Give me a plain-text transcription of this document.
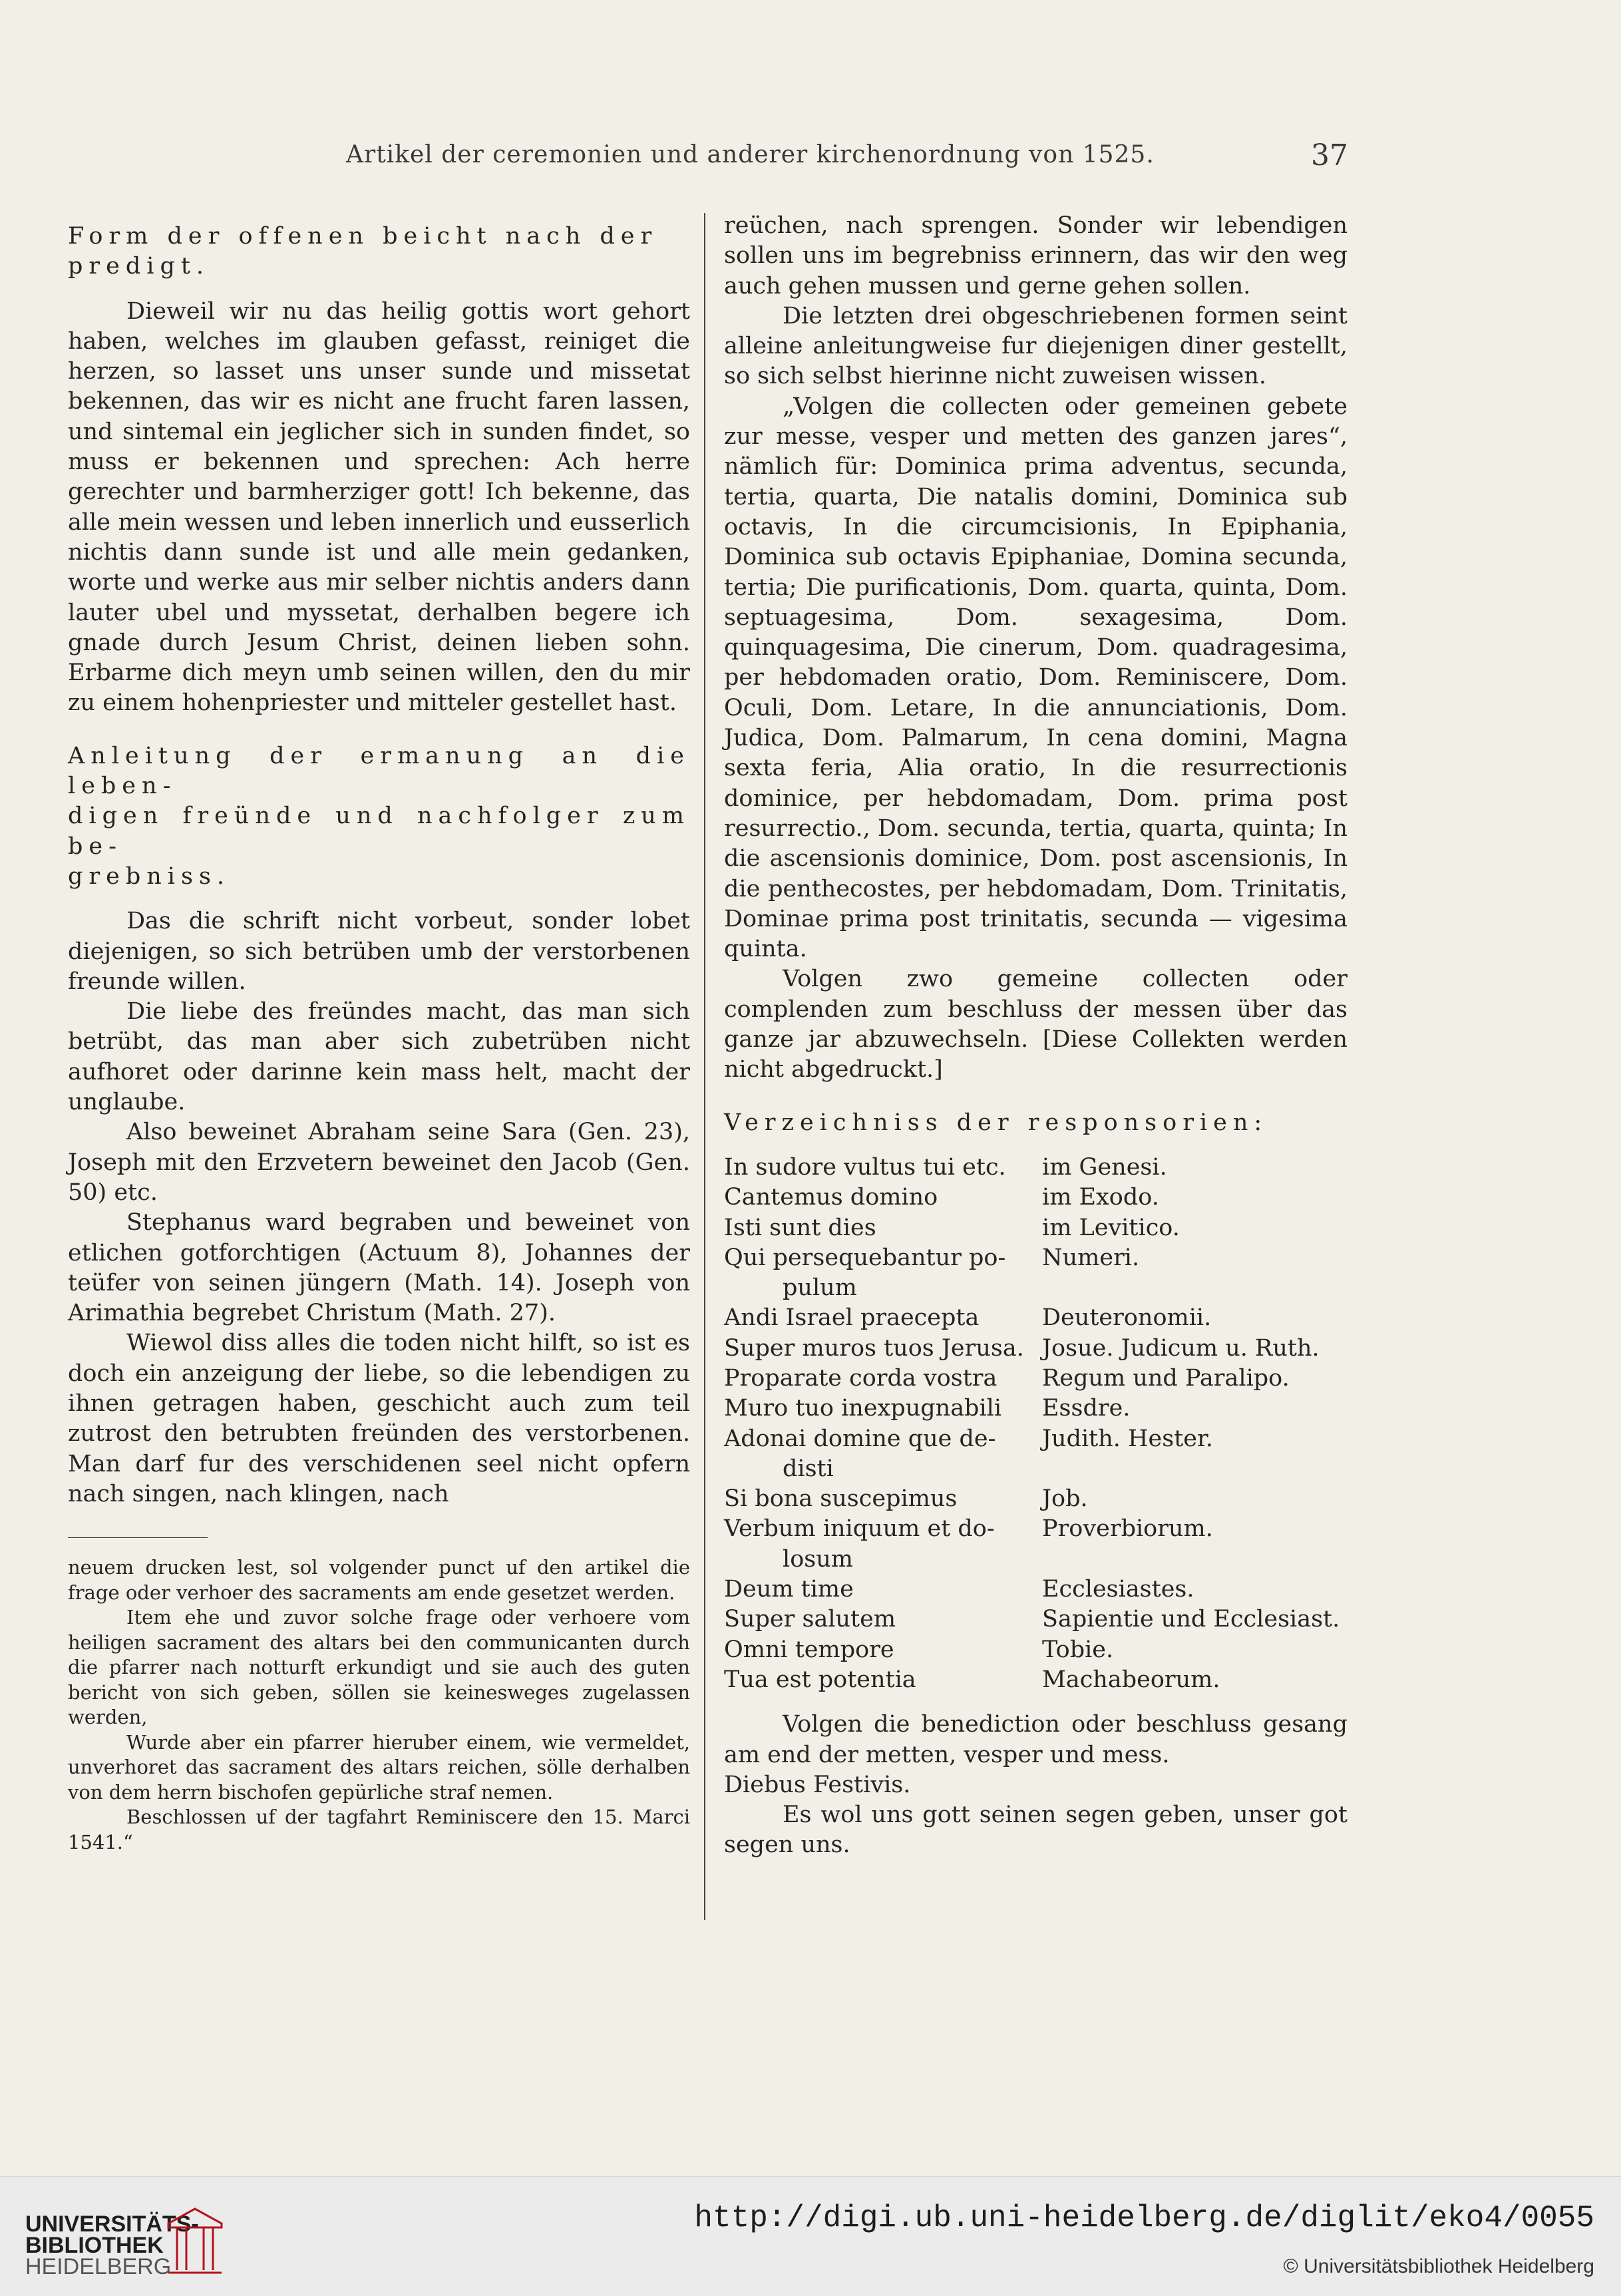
Artikel der ceremonien und anderer kirchenordnung von 1525.	37

Form der offenen beicht nach der

predigt.

Dieweil wir nu das heilig gottis wort gehort haben, welches im glauben gefasst, reiniget die herzen, so lasset uns unser sunde und missetat bekennen, das wir es nicht ane frucht faren lassen, und sintemal ein jeglicher sich in sunden findet, so muss er bekennen und sprechen: Ach herre gerechter und barmherziger gott! Ich bekenne, das alle mein wessen und leben innerlich und eusserlich nichtis dann sunde ist und alle mein gedanken, worte und werke aus mir selber nichtis anders dann lauter ubel und myssetat, derhalben begere ich gnade durch Jesum Christ, deinen lieben sohn. Erbarme dich meyn umb seinen willen, den du mir zu einem hohenpriester und mitteler gestellet hast.

Anleitung der ermanung an die leben-

digen freünde und nachfolger zum be-

grebniss.

Das die schrift nicht vorbeut, sonder lobet diejenigen, so sich betrüben umb der verstorbenen freunde willen.

Die liebe des freündes macht, das man sich betrübt, das man aber sich zubetrüben nicht aufhoret oder darinne kein mass helt, macht der unglaube.

Also beweinet Abraham seine Sara (Gen. 23), Joseph mit den Erzvetern beweinet den Jacob (Gen. 50) etc.

Stephanus ward begraben und beweinet von etlichen gotforchtigen (Actuum 8), Johannes der teüfer von seinen jüngern (Math. 14). Joseph von Arimathia begrebet Christum (Math. 27).

Wiewol diss alles die toden nicht hilft, so ist es doch ein anzeigung der liebe, so die lebendigen zu ihnen getragen haben, geschicht auch zum teil zutrost den betrubten freünden des verstorbenen. Man darf fur des verschidenen seel nicht opfern nach singen, nach klingen, nach

neuem drucken lest, sol volgender punct uf den artikel die frage oder verhoer des sacraments am ende gesetzet werden.

Item ehe und zuvor solche frage oder verhoere vom heiligen sacrament des altars bei den communicanten durch die pfarrer nach notturft erkundigt und sie auch des guten bericht von sich geben, söllen sie keinesweges zugelassen werden,

Wurde aber ein pfarrer hieruber einem, wie vermeldet, unverhoret das sacrament des altars reichen, sölle derhalben von dem herrn bischofen gepürliche straf nemen.

Beschlossen uf der tagfahrt Reminiscere den 15. Marci 1541.“

reüchen, nach sprengen. Sonder wir lebendigen sollen uns im begrebniss erinnern, das wir den weg auch gehen mussen und gerne gehen sollen.

Die letzten drei obgeschriebenen formen seint alleine anleitungweise fur diejenigen diner gestellt, so sich selbst hierinne nicht zuweisen wissen.

„Volgen die collecten oder gemeinen gebete zur messe, vesper und metten des ganzen jares“, nämlich für: Dominica prima adventus, secunda, tertia, quarta, Die natalis domini, Dominica sub octavis, In die circumcisionis, In Epiphania, Dominica sub octavis Epiphaniae, Domina secunda, tertia; Die purificationis, Dom. quarta, quinta, Dom. septuagesima, Dom. sexagesima, Dom. quinquagesima, Die cinerum, Dom. quadragesima, per hebdomaden oratio, Dom. Reminiscere, Dom. Oculi, Dom. Letare, In die annunciationis, Dom. Judica, Dom. Palmarum, In cena domini, Magna sexta feria, Alia oratio, In die resurrectionis dominice, per hebdomadam, Dom. prima post resurrectio., Dom. secunda, tertia, quarta, quinta; In die ascensionis dominice, Dom. post ascensionis, In die penthecostes, per hebdomadam, Dom. Trinitatis, Dominae prima post trinitatis, secunda — vigesima quinta.

Volgen zwo gemeine collecten oder complenden zum beschluss der messen über das ganze jar abzuwechseln. [Diese Collekten werden nicht abgedruckt.]

Verzeichniss der responsorien:

In sudore vultus tui etc.	im Genesi.

Cantemus domino	im Exodo.

Isti sunt dies	im Levitico.

Qui persequebantur po-
pulum	Numeri.

Andi Israel praecepta	Deuteronomii.

Super muros tuos Jerusa.	Josue. Judicum u. Ruth.

Proparate corda vostra	Regum und Paralipo.

Muro tuo inexpugnabili	Essdre.

Adonai domine que de-
disti	Judith. Hester.

Si bona suscepimus	Job.

Verbum iniquum et do-
losum	Proverbiorum.

Deum time	Ecclesiastes.

Super salutem	Sapientie und Ecclesiast.

Omni tempore	Tobie.

Tua est potentia	Machabeorum.

Volgen die benediction oder beschluss gesang am end der metten, vesper und mess.

Diebus Festivis.

Es wol uns gott seinen segen geben, unser got segen uns.

UNIVERSITÄTS-
BIBLIOTHEK
HEIDELBERG
http://digi.ub.uni-heidelberg.de/diglit/eko4/0055
© Universitätsbibliothek Heidelberg
